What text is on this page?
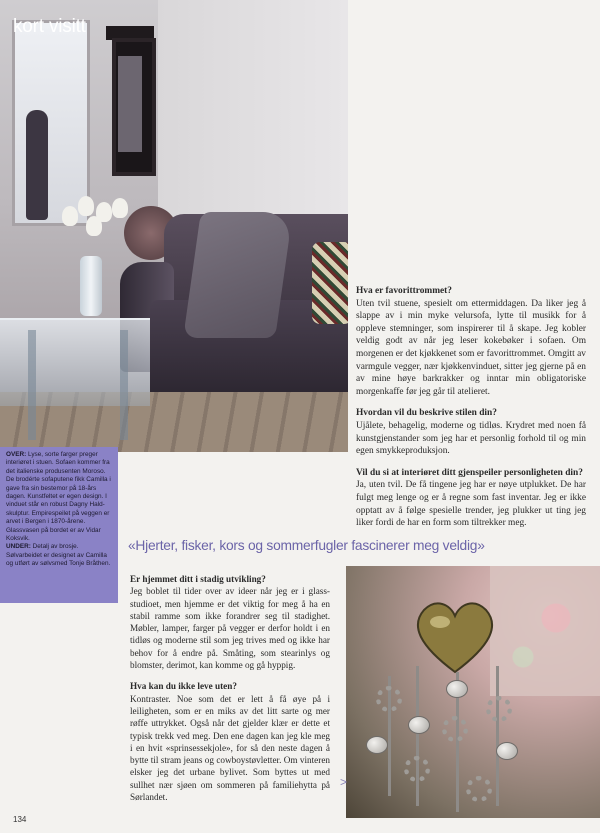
kort visitt

OVER: Lyse, sorte farger preger interiøret i stuen. Sofaen kommer fra det italienske produsenten Moroso. De brodérte sofaputene fikk Camilla i gave fra sin bestemor på 18-års dagen. Kunstfeltet er egen design. I vinduet står en robust Dagny Hald-skulptur. Empirespeilet på veggen er arvet i Bergen i 1870-årene. Glassvasen på bordet er av Vidar Koksvik.

UNDER: Detalj av brosje. Sølvarbeidet er designet av Camilla og utført av sølvsmed Tonje Bråthen.

Hva er favorittrommet?

Uten tvil stuene, spesielt om ettermiddagen. Da liker jeg å slappe av i min myke velursofa, lytte til musikk for å oppleve stemninger, som inspirerer til å skape. Jeg kobler veldig godt av når jeg leser kokebøker i sofaen. Om morgenen er det kjøkkenet som er favorittrommet. Omgitt av varmgule vegger, nær kjøkkenvinduet, sitter jeg gjerne på en av mine høye barkrakker og inntar min obligatoriske morgenkaffe før jeg går til atelieret.

Hvordan vil du beskrive stilen din?

Ujålete, behagelig, moderne og tidløs. Krydret med noen få kunstgjenstander som jeg har et personlig forhold til og min egen smykkeproduksjon.

Vil du si at interiøret ditt gjenspeiler personligheten din?

Ja, uten tvil. De få tingene jeg har er nøye utplukket. De har fulgt meg lenge og er å regne som fast inventar. Jeg er ikke opptatt av å følge spesielle trender, jeg plukker ut ting jeg liker fordi de har en form som tiltrekker meg.

«Hjerter, fisker, kors og sommerfugler fascinerer meg veldig»

Er hjemmet ditt i stadig utvikling?

Jeg boblet til tider over av ideer når jeg er i glass-studioet, men hjemme er det viktig for meg å ha en stabil ramme som ikke forandrer seg til stadighet. Møbler, lamper, farger på vegger er derfor holdt i en tidløs og moderne stil som jeg trives med og ikke har behov for å endre på. Småting, som stearinlys og blomster, derimot, kan komme og gå hyppig.

Hva kan du ikke leve uten?

Kontraster. Noe som det er lett å få øye på i leiligheten, som er en miks av det litt sarte og mer røffe uttrykket. Også når det gjelder klær er dette et typisk trekk ved meg. Den ene dagen kan jeg kle meg i en hvit «sprinsessekjole», for så den neste dagen å bytte til stram jeans og cowboystøvletter. Om vinteren elsker jeg det urbane bylivet. Som byttes ut med sullhet nær sjøen om sommeren på familiehytta på Sørlandet.

>

134
